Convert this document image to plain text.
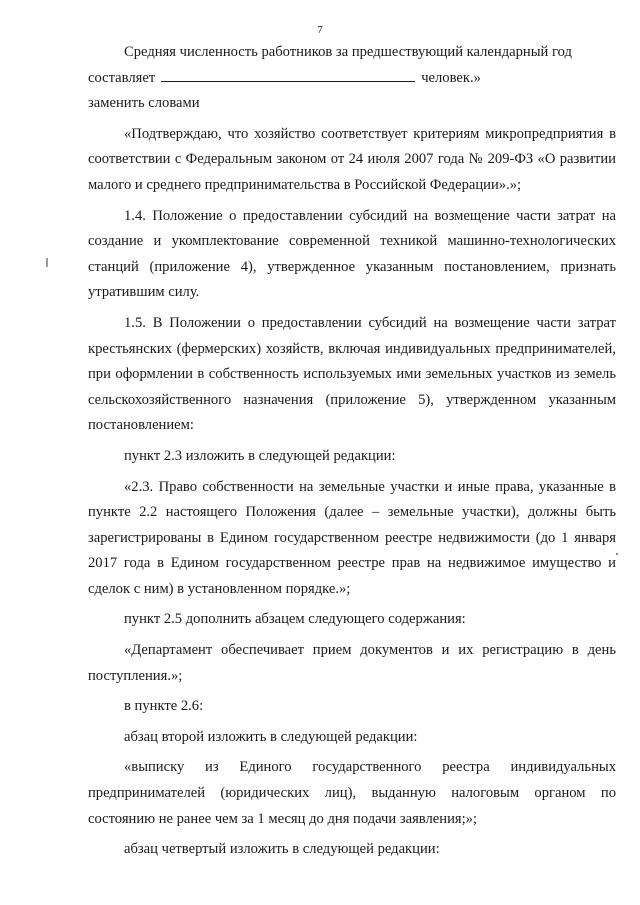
7

Средняя численность работников за предшествующий календарный год

составляет	человек.»

заменить словами

«Подтверждаю, что хозяйство соответствует критериям микропредприятия в соответствии с Федеральным законом от 24 июля 2007 года № 209-ФЗ «О развитии малого и среднего предпринимательства в Российской Федерации».»;

1.4. Положение о предоставлении субсидий на возмещение части затрат на создание и укомплектование современной техникой машинно-технологических станций (приложение 4), утвержденное указанным постановлением, признать утратившим силу.

1.5. В Положении о предоставлении субсидий на возмещение части затрат крестьянских (фермерских) хозяйств, включая индивидуальных предпринимателей, при оформлении в собственность используемых ими земельных участков из земель сельскохозяйственного назначения (приложение 5), утвержденном указанным постановлением:

пункт 2.3 изложить в следующей редакции:

«2.3. Право собственности на земельные участки и иные права, указанные в пункте 2.2 настоящего Положения (далее – земельные участки), должны быть зарегистрированы в Едином государственном реестре недвижимости (до 1 января 2017 года в Едином государственном реестре прав на недвижимое имущество и сделок с ним) в установленном порядке.»;

пункт 2.5 дополнить абзацем следующего содержания:

«Департамент обеспечивает прием документов и их регистрацию в день поступления.»;

в пункте 2.6:

абзац второй изложить в следующей редакции:

«выписку из Единого государственного реестра индивидуальных предпринимателей (юридических лиц), выданную налоговым органом по состоянию не ранее чем за 1 месяц до дня подачи заявления;»;

абзац четвертый изложить в следующей редакции:
